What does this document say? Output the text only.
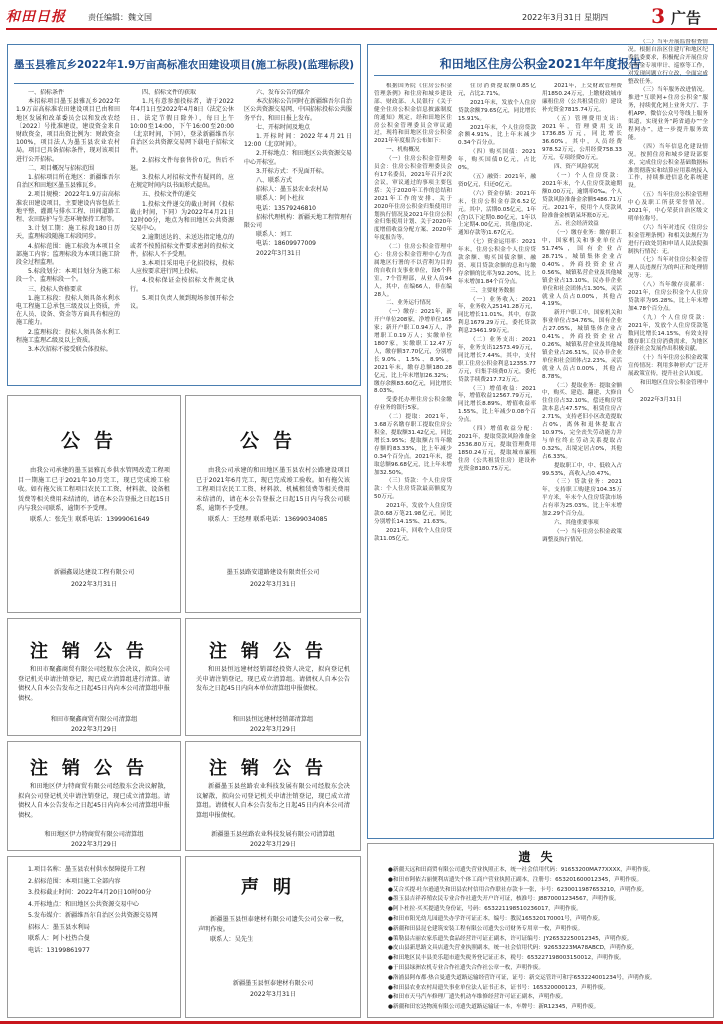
和田日报	责任编辑：魏文国	2022年3月31日 星期四 3 广告
墨玉县雅瓦乡2022年1.9万亩高标准农田建设项目(施工标段)(监理标段)

一、招标条件

本招标项目墨玉县雅瓦乡2022年1.9万亩高标准农田建设项目已由和田地区发展和改革委员会以和发改农经〔2022〕号批准建设，建设资金来自财政资金，项目出资比例为：财政资金100%，项目法人为墨玉县农业农村局。项目已具备招标条件，现对该项目进行公开招标。

二、项目概况与招标范围

1.招标项目所在地区：新疆维吾尔自治区和田地区墨玉县雅瓦乡。

2.项目规模：2022年1.9万亩高标准农田建设项目，主要建设内容包括土地平整、灌溉与排水工程、田间道路工程、农田防护与生态环境保持工程等。

3.计划工期：施工标段180日历天，监理标段随施工标段同步。

4.招标范围：施工标段为本项目全部施工内容；监理标段为本项目施工阶段全过程监理。

5.标段划分：本项目划分为施工标段一个、监理标段一个。

三、投标人资格要求

1.施工标段：投标人须具备水利水电工程施工总承包三级及以上资质，并在人员、设备、资金等方面具有相应的施工能力。

2.监理标段：投标人须具备水利工程施工监理乙级及以上资质。

3.本次招标不接受联合体投标。

四、招标文件的获取

1.凡有意参加投标者，请于2022年4月1日至2022年4月8日（法定公休日、法定节假日除外），每日上午10:00至14:00，下午16:00至20:00（北京时间，下同），登录新疆维吾尔自治区公共资源交易网下载电子招标文件。

2.招标文件每套售价0元，售后不退。

3.投标人对招标文件有疑问的，应在规定时间内以书面形式提出。

五、投标文件的递交

1.投标文件递交的截止时间（投标截止时间，下同）为2022年4月21日12时00分，地点为和田地区公共资源交易中心。

2.逾期送达的、未送达指定地点的或者不按照招标文件要求密封的投标文件，招标人不予受理。

3.本项目采用电子化招投标，投标人应按要求进行网上投标。

4.投标保证金按招标文件规定执行。

5.项目负责人须到现场参加开标会议。

六、发布公告的媒介

本次招标公告同时在新疆维吾尔自治区公共资源交易网、中国招标投标公共服务平台、和田日报上发布。

七、开标时间及地点

1.开标时间：2022年4月21日12:00（北京时间）。

2.开标地点：和田地区公共资源交易中心开标室。

3.开标方式：不见面开标。

八、联系方式

招标人：墨玉县农业农村局

联系人：阿卜杜拉

电话：13579246810

招标代理机构：新疆天地工程管理有限公司

联系人：刘工

电话：18609977009

2022年3月31日

公告

由我公司承建的墨玉县雅瓦乡供水管网改造工程项目一期施工已于2021年10月完工，现已完成竣工验收。如有拖欠该工程项目农民工工资、材料款、设备租赁费等相关费用未结清的，请在本公告登报之日起15日内与我公司联系，逾期不予受理。

联系人：张先生 联系电话：13999061649

新疆鑫晟达建设工程有限公司
2022年3月31日
公告

由我公司承建的和田地区墨玉县农村公路建设项目已于2021年6月完工，现已完成竣工验收。如有拖欠该工程项目农民工工资、材料款、机械租赁费等相关费用未结清的，请在本公告登报之日起15日内与我公司联系，逾期不予受理。

联系人：王经理 联系电话：13699034085

墨玉县路安道路建设有限责任公司
2022年3月31日
注销公告

和田市聚鑫商贸有限公司经股东会决议，拟向公司登记机关申请注销登记，现已成立清算组进行清算。请债权人自本公告发布之日起45日内向本公司清算组申报债权。

和田市聚鑫商贸有限公司清算组
2022年3月29日
注销公告

和田县恒远建材经销部经投资人决定，拟向登记机关申请注销登记，现已成立清算组。请债权人自本公告发布之日起45日内向本单位清算组申报债权。

和田县恒远建材经销部清算组
2022年3月29日
注销公告

和田地区伊力特商贸有限公司经股东会决议解散，拟向公司登记机关申请注销登记，现已成立清算组。请债权人自本公告发布之日起45日内向本公司清算组申报债权。

和田地区伊力特商贸有限公司清算组
2022年3月29日
注销公告

新疆墨玉县丝路农业科技发展有限公司经股东会决议解散，拟向公司登记机关申请注销登记，现已成立清算组。请债权人自本公告发布之日起45日内向本公司清算组申报债权。

新疆墨玉县丝路农业科技发展有限公司清算组
2022年3月29日

1.项目名称：墨玉县农村供水保障提升工程

2.招标范围：本项目施工全部内容

3.投标截止时间：2022年4月20日10时00分

4.开标地点：和田地区公共资源交易中心

5.发布媒介：新疆维吾尔自治区公共资源交易网

招标人：墨玉县水利局

联系人：阿卜杜热合曼

电话：13199861977

声明

新疆墨玉县恒泰建材有限公司遗失公司公章一枚，声明作废。

联系人：吴先生

新疆墨玉县恒泰建材有限公司
2022年3月31日
和田地区住房公积金2021年年度报告

根据国务院《住房公积金管理条例》和住房和城乡建设部、财政部、人民银行《关于健全住房公积金信息披露制度的通知》规定，经和田地区住房公积金管理委员会审议通过，现将和田地区住房公积金2021年年度报告公布如下：

一、机构概况

（一）住房公积金管理委员会：住房公积金管理委员会有17名委员，2021年召开2次会议，审议通过的事项主要包括：关于2020年工作的总结和2021年工作的安排、关于2020年住房公积金归集使用计划执行情况及2021年住房公积金归集使用计划、关于2020年度增值收益分配方案、2020年年度报告等。

（二）住房公积金管理中心：住房公积金管理中心为直属地区行署的不以营利为目的的自收自支事业单位，设6个科室，7个管理部，从业人员94人，其中，在编66人，非在编28人。

二、业务运行情况

（一）缴存：2021年，新开户单位208家，净增单位165家；新开户职工0.94万人，净增职工0.19万人；实缴单位1807家，实缴职工12.47万人，缴存额37.70亿元，分别增长9.0%、1.5%、8.9%。2021年末，缴存总额180.28亿元，比上年末增加26.32%；缴存余额83.60亿元，同比增长8.03%。

受委托办理住房公积金缴存业务的银行5家。

（二）提取：2021年，3.68万名缴存职工提取住房公积金，提取额31.42亿元，同比增长3.95%；提取额占当年缴存额的83.33%，比上年减少0.34个百分点。2021年末，提取总额96.68亿元，比上年末增加32.50%。

（三）贷款：个人住房贷款：个人住房贷款最高额度为50万元。

2021年，发放个人住房贷款0.68万笔21.98亿元，同比分别增长14.15%、21.63%。

2021年，回收个人住房贷款11.05亿元。

住房消费提取额0.85亿元，占比2.71%。

2021年末，发放个人住房贷款余额79.65亿元，同比增长15.91%。

2021年末，个人住房贷款余额4.91%，比上年末减少0.34个百分点。

（四）购买国债：2021年，购买国债0亿元，占比0%。

（五）融资：2021年，融资0亿元，归还0亿元。

（六）资金存储：2021年末，住房公积金存款6.52亿元。其中，活期0.05亿元，1年(含)以下定期0.80亿元，1年以上定期4.00亿元，其他(协定、通知存款等)1.67亿元。

（七）资金运用率：2021年末，住房公积金个人住房贷款余额、购买国债余额、融资、项目贷款余额的总和与缴存余额的比率为92.20%，比上年末增加1.84个百分点。

三、主要财务数据

（一）业务收入：2021年，业务收入25141.28万元，同比增长11.01%。其中，存款利息1679.29万元，委托贷款利息23461.99万元。

（二）业务支出：2021年，业务支出12573.49万元，同比增长7.44%。其中，支付职工住房公积金利息12355.77万元，归集手续费0万元，委托贷款手续费217.72万元。

（三）增值收益：2021年，增值收益12567.79万元，同比增长8.89%，增值收益率1.55%，比上年减少0.08个百分点。

（四）增值收益分配：2021年，提取贷款风险准备金2536.80万元，提取管理费用1850.24万元，提取城市廉租住房（公共租赁住房）建设补充资金8180.75万元。

2021年，上交财政管理费用1850.24万元，上缴财政城市廉租住房（公共租赁住房）建设补充资金7815.74万元。

（五）管理费用支出：2021年，管理费用支出1736.85万元，同比增长36.60%。其中，人员经费978.52万元，公用经费758.33万元，专项经费0万元。

四、资产风险状况

（一）个人住房贷款：2021年末，个人住房贷款逾期额0.00万元，逾期率0‰。个人贷款风险准备金余额5486.71万元。2021年，使用个人贷款风险准备金核销呆坏账0万元。

五、社会经济效益

（一）缴存业务：缴存职工中，国家机关和事业单位占51.74%，国有企业占28.71%，城镇集体企业占0.40%，外商投资企业占0.56%，城镇私营企业及其他城镇企业占13.10%，民办非企业单位和社会团体占1.30%，灵活就业人员占0.00%，其他占4.19%。

新开户职工中，国家机关和事业单位占34.76%，国有企业占27.05%，城镇集体企业占0.41%，外商投资企业占0.26%，城镇私营企业及其他城镇企业占26.51%，民办非企业单位和社会团体占2.23%，灵活就业人员占0.00%，其他占8.78%。

（二）提取业务：提取金额中，购买、建造、翻建、大修自住住房占32.10%，偿还购房贷款本息占47.57%，租赁住房占2.71%，支持老旧小区改造提取占0%，离休和退休提取占10.97%，完全丧失劳动能力并与单位终止劳动关系提取占0.32%，出境定居占0%，其他占6.33%。

提取职工中，中、低收入占99.53%，高收入占0.47%。

（三）贷款业务：2021年，支持职工购建房104.35万平方米，年末个人住房贷款市场占有率为25.03%，比上年末增加2.29个百分点。

六、其他重要事项

（一）当年住房公积金政策调整及执行情况。

（二）当年开展监督检查情况。根据自治区住建厅和地区纪委监委要求，积极配合开展住房公积金专项审计、巡察等工作，对发现问题立行立改，全面完成整改任务。

（三）当年服务改进情况。推进“互联网+住房公积金”服务，持续优化网上业务大厅、手机APP、微信公众号等线上服务渠道，实现业务“跨省通办”“全程网办”，进一步提升服务效能。

（四）当年信息化建设情况。按照住房和城乡建设部要求，完成住房公积金基础数据标准贯彻落实和结算应用系统接入工作，持续推进信息化系统建设。

（五）当年住房公积金管理中心及职工所获荣誉情况。2021年，中心荣获自治区级文明单位称号。

（六）当年对违反《住房公积金管理条例》和相关法规行为进行行政处罚和申请人民法院强制执行情况：无。

（七）当年对住房公积金管理人员违规行为的纠正和处理情况等：无。

（八）当年缴存贡献率：2021年，住房公积金个人住房贷款率为95.28%，比上年末增加4.78个百分点。

（九）个人住房贷款：2021年，发放个人住房贷款笔数同比增长14.15%，有效支持缴存职工住房消费需求，为地区经济社会发展作出积极贡献。

（十）当年住房公积金政策宣传情况：利用多种形式广泛开展政策宣传，提升社会认知度。

和田地区住房公积金管理中心

2022年3月31日

遗失

●新疆天远和田商贸有限公司遗失营业执照正本，统一社会信用代码：91653200MA77XXXX，声明作废。

●和田市阿依古丽便利店遗失个体工商户营业执照正副本，注册号：653201600012345，声明作废。

●艾合买提·吐尔逊遗失和田县农村信用合作联社存款卡一张，卡号：6230011987653210，声明作废。

●墨玉县吉祥养殖农民专业合作社遗失开户许可证，核准号：J8870001234567，声明作废。

●阿卜杜拉·买买提遗失身份证，号码：653221198510236017，声明作废。

●和田市阳光幼儿园遗失办学许可证正本，编号：教民165320170001号，声明作废。

●新疆和田县昆仑建筑安装工程有限公司遗失公司财务专用章一枚，声明作废。

●策勒县古丽农家乐遗失食品经营许可证正副本，许可证编号：JY26532250012345，声明作废。

●皮山县新思路文具店遗失营业执照副本，统一社会信用代码：92653223MA78ABCD，声明作废。

●和田地区民丰县美乐超市遗失税务登记证正本，税号：653227198003150012，声明作废。

●于田县绿洲农机专业合作社遗失合作社公章一枚，声明作废。

●洛浦县阿布都·热合曼遗失道路运输经营许可证，证号：新交运管许可和字653224001234号，声明作废。

●和田县农业农村局遗失事业单位法人证书正本，证书号：165320000123，声明作废。

●和田市天马汽车修理厂遗失机动车维修经营许可证正副本，声明作废。

●新疆和田宏达物流有限公司遗失道路运输证一本，车牌号：新R12345，声明作废。
